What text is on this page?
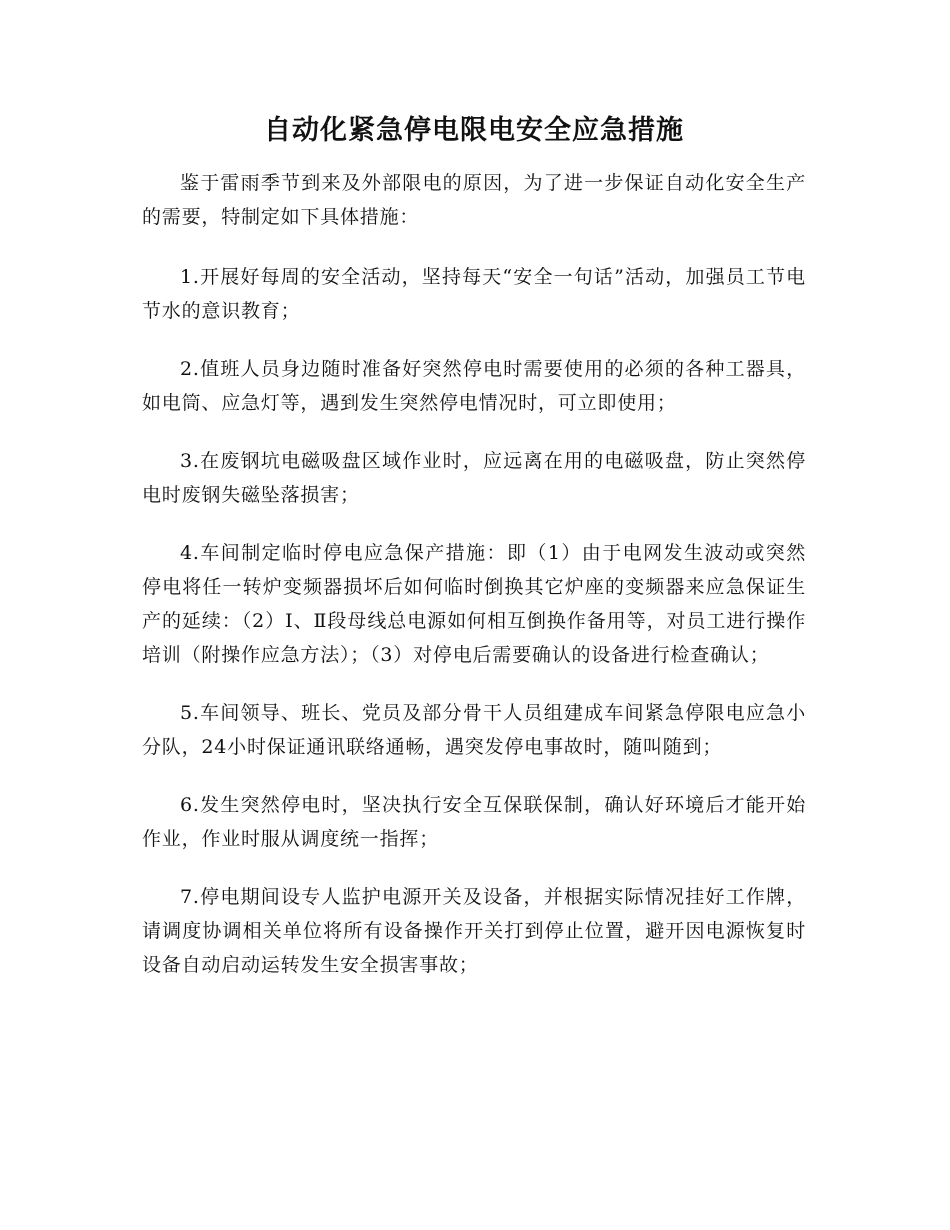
自动化紧急停电限电安全应急措施

鉴于雷雨季节到来及外部限电的原因，为了进一步保证自动化安全生产的需要，特制定如下具体措施：

1.开展好每周的安全活动，坚持每天“安全一句话”活动，加强员工节电节水的意识教育；

2.值班人员身边随时准备好突然停电时需要使用的必须的各种工器具，如电筒、应急灯等，遇到发生突然停电情况时，可立即使用；

3.在废钢坑电磁吸盘区域作业时，应远离在用的电磁吸盘，防止突然停电时废钢失磁坠落损害；

4.车间制定临时停电应急保产措施：即（1）由于电网发生波动或突然停电将任一转炉变频器损坏后如何临时倒换其它炉座的变频器来应急保证生产的延续：（2）Ⅰ、Ⅱ段母线总电源如何相互倒换作备用等，对员工进行操作培训（附操作应急方法）；（3）对停电后需要确认的设备进行检查确认；

5.车间领导、班长、党员及部分骨干人员组建成车间紧急停限电应急小分队，24小时保证通讯联络通畅，遇突发停电事故时，随叫随到；

6.发生突然停电时，坚决执行安全互保联保制，确认好环境后才能开始作业，作业时服从调度统一指挥；

7.停电期间设专人监护电源开关及设备，并根据实际情况挂好工作牌，请调度协调相关单位将所有设备操作开关打到停止位置，避开因电源恢复时设备自动启动运转发生安全损害事故；
